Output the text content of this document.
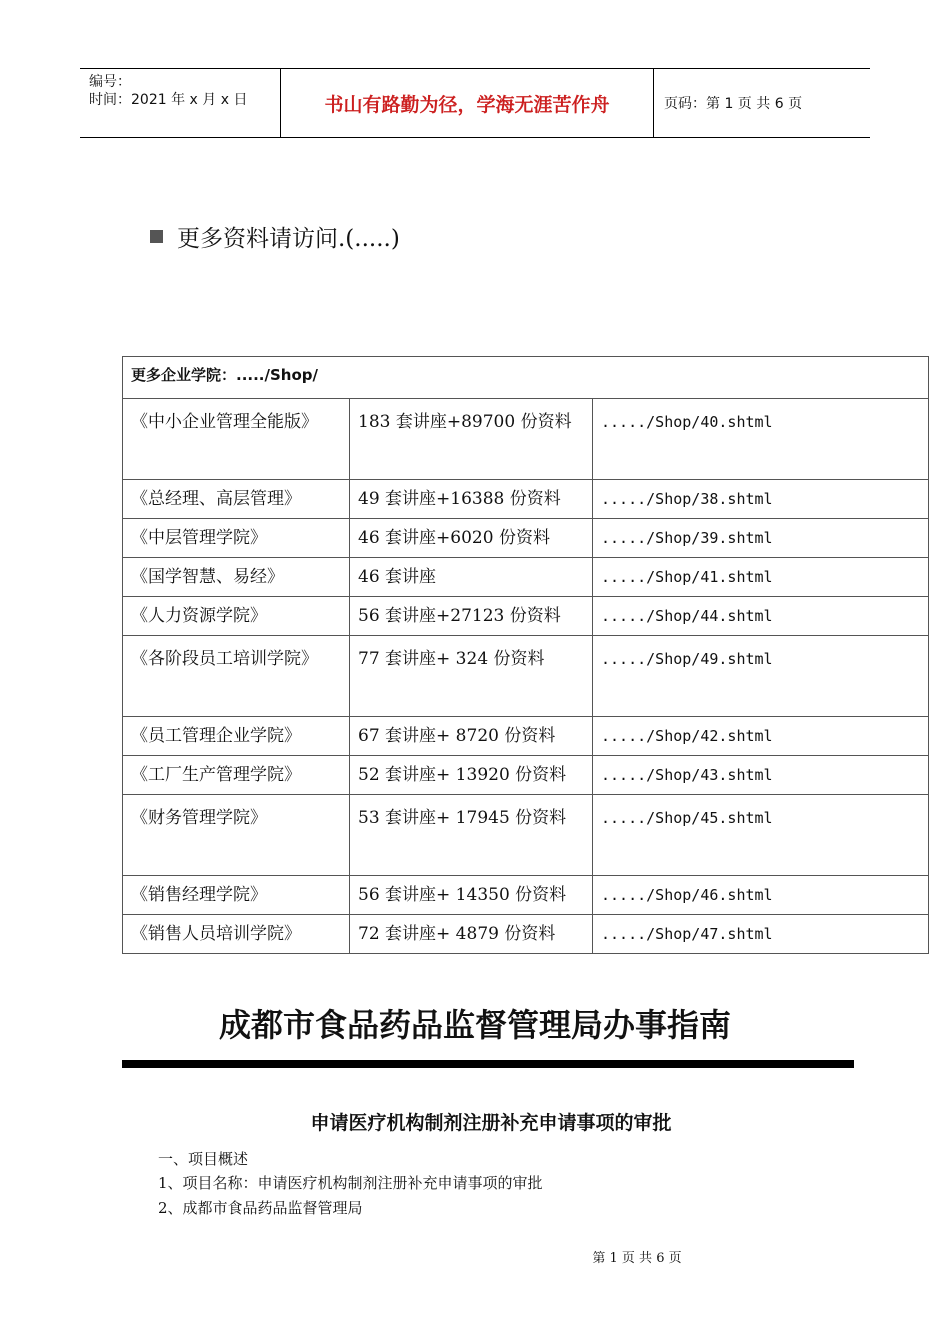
编号：
时间：2021 年 x 月 x 日	书山有路勤为径，学海无涯苦作舟	页码：第 1 页 共 6 页
更多资料请访问.(.....)
更多企业学院：...../Shop/		
《中小企业管理全能版》	183 套讲座+89700 份资料	...../Shop/40.shtml
《总经理、高层管理》	49 套讲座+16388 份资料	...../Shop/38.shtml
《中层管理学院》	46 套讲座+6020 份资料	...../Shop/39.shtml
《国学智慧、易经》	46 套讲座	...../Shop/41.shtml
《人力资源学院》	56 套讲座+27123 份资料	...../Shop/44.shtml
《各阶段员工培训学院》	77 套讲座+ 324 份资料	...../Shop/49.shtml
《员工管理企业学院》	67 套讲座+ 8720 份资料	...../Shop/42.shtml
《工厂生产管理学院》	52 套讲座+ 13920 份资料	...../Shop/43.shtml
《财务管理学院》	53 套讲座+ 17945 份资料	...../Shop/45.shtml
《销售经理学院》	56 套讲座+ 14350 份资料	...../Shop/46.shtml
《销售人员培训学院》	72 套讲座+ 4879 份资料	...../Shop/47.shtml
成都市食品药品监督管理局办事指南
申请医疗机构制剂注册补充申请事项的审批
一、项目概述
1、项目名称：申请医疗机构制剂注册补充申请事项的审批
2、成都市食品药品监督管理局
第 1 页 共 6 页
